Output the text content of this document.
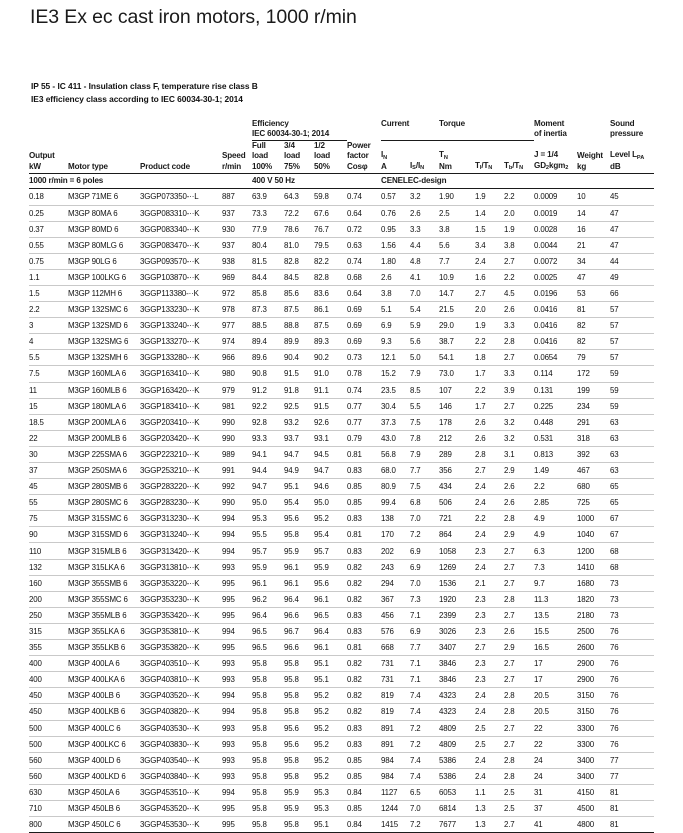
IE3 Ex ec cast iron motors, 1000 r/min
IP 55 - IC 411 - Insulation class F, temperature rise class B
IE3 efficiency class according to IEC 60034-30-1; 2014

				Efficiency
IEC 60034-30-1; 2014				Current		Torque			Moment
of inertia		Sound
pressure

Output
kW	Motor type	Product code	Speed
r/min	Full
load
100%	3/4
load
75%	1/2
load
50%	Power
factor
Cosφ	IN
A	IS/IN	TN
Nm	TI/TN	Tb/TN	J = 1/4
GD2kgm2	Weight
kg	Level LPA
dB

1000 r/min = 6 poles				400 V 50 Hz				CENELEC-design							
0.18	M3GP 71ME 6	3GGP073350-··L	887	63.9	64.3	59.8	0.74	0.57	3.2	1.90	1.9	2.2	0.0009	10	45
0.25	M3GP 80MA 6	3GGP083310-··K	937	73.3	72.2	67.6	0.64	0.76	2.6	2.5	1.4	2.0	0.0019	14	47
0.37	M3GP 80MD 6	3GGP083340-··K	930	77.9	78.6	76.7	0.72	0.95	3.3	3.8	1.5	1.9	0.0028	16	47
0.55	M3GP 80MLG 6	3GGP083470-··K	937	80.4	81.0	79.5	0.63	1.56	4.4	5.6	3.4	3.8	0.0044	21	47
0.75	M3GP 90LG 6	3GGP093570-··K	938	81.5	82.8	82.2	0.74	1.80	4.8	7.7	2.4	2.7	0.0072	34	44
1.1	M3GP 100LKG 6	3GGP103870-··K	969	84.4	84.5	82.8	0.68	2.6	4.1	10.9	1.6	2.2	0.0025	47	49
1.5	M3GP 112MH 6	3GGP113380-··K	972	85.8	85.6	83.6	0.64	3.8	7.0	14.7	2.7	4.5	0.0196	53	66
2.2	M3GP 132SMC 6	3GGP133230-··K	978	87.3	87.5	86.1	0.69	5.1	5.4	21.5	2.0	2.6	0.0416	81	57
3	M3GP 132SMD 6	3GGP133240-··K	977	88.5	88.8	87.5	0.69	6.9	5.9	29.0	1.9	3.3	0.0416	82	57
4	M3GP 132SMG 6	3GGP133270-··K	974	89.4	89.9	89.3	0.69	9.3	5.6	38.7	2.2	2.8	0.0416	82	57
5.5	M3GP 132SMH 6	3GGP133280-··K	966	89.6	90.4	90.2	0.73	12.1	5.0	54.1	1.8	2.7	0.0654	79	57
7.5	M3GP 160MLA 6	3GGP163410-··K	980	90.8	91.5	91.0	0.78	15.2	7.9	73.0	1.7	3.3	0.114	172	59
11	M3GP 160MLB 6	3GGP163420-··K	979	91.2	91.8	91.1	0.74	23.5	8.5	107	2.2	3.9	0.131	199	59
15	M3GP 180MLA 6	3GGP183410-··K	981	92.2	92.5	91.5	0.77	30.4	5.5	146	1.7	2.7	0.225	234	59
18.5	M3GP 200MLA 6	3GGP203410-··K	990	92.8	93.2	92.6	0.77	37.3	7.5	178	2.6	3.2	0.448	291	63
22	M3GP 200MLB 6	3GGP203420-··K	990	93.3	93.7	93.1	0.79	43.0	7.8	212	2.6	3.2	0.531	318	63
30	M3GP 225SMA 6	3GGP223210-··K	989	94.1	94.7	94.5	0.81	56.8	7.9	289	2.8	3.1	0.813	392	63
37	M3GP 250SMA 6	3GGP253210-··K	991	94.4	94.9	94.7	0.83	68.0	7.7	356	2.7	2.9	1.49	467	63
45	M3GP 280SMB 6	3GGP283220-··K	992	94.7	95.1	94.6	0.85	80.9	7.5	434	2.4	2.6	2.2	680	65
55	M3GP 280SMC 6	3GGP283230-··K	990	95.0	95.4	95.0	0.85	99.4	6.8	506	2.4	2.6	2.85	725	65
75	M3GP 315SMC 6	3GGP313230-··K	994	95.3	95.6	95.2	0.83	138	7.0	721	2.2	2.8	4.9	1000	67
90	M3GP 315SMD 6	3GGP313240-··K	994	95.5	95.8	95.4	0.81	170	7.2	864	2.4	2.9	4.9	1040	67
110	M3GP 315MLB 6	3GGP313420-··K	994	95.7	95.9	95.7	0.83	202	6.9	1058	2.3	2.7	6.3	1200	68
132	M3GP 315LKA 6	3GGP313810-··K	993	95.9	96.1	95.9	0.82	243	6.9	1269	2.4	2.7	7.3	1410	68
160	M3GP 355SMB 6	3GGP353220-··K	995	96.1	96.1	95.6	0.82	294	7.0	1536	2.1	2.7	9.7	1680	73
200	M3GP 355SMC 6	3GGP353230-··K	995	96.2	96.4	96.1	0.82	367	7.3	1920	2.3	2.8	11.3	1820	73
250	M3GP 355MLB 6	3GGP353420-··K	995	96.4	96.6	96.5	0.83	456	7.1	2399	2.3	2.7	13.5	2180	73
315	M3GP 355LKA 6	3GGP353810-··K	994	96.5	96.7	96.4	0.83	576	6.9	3026	2.3	2.6	15.5	2500	76
355	M3GP 355LKB 6	3GGP353820-··K	995	96.5	96.6	96.1	0.81	668	7.7	3407	2.7	2.9	16.5	2600	76
400	M3GP 400LA 6	3GGP403510-··K	993	95.8	95.8	95.1	0.82	731	7.1	3846	2.3	2.7	17	2900	76
400	M3GP 400LKA 6	3GGP403810-··K	993	95.8	95.8	95.1	0.82	731	7.1	3846	2.3	2.7	17	2900	76
450	M3GP 400LB 6	3GGP403520-··K	994	95.8	95.8	95.2	0.82	819	7.4	4323	2.4	2.8	20.5	3150	76
450	M3GP 400LKB 6	3GGP403820-··K	994	95.8	95.8	95.2	0.82	819	7.4	4323	2.4	2.8	20.5	3150	76
500	M3GP 400LC 6	3GGP403530-··K	993	95.8	95.6	95.2	0.83	891	7.2	4809	2.5	2.7	22	3300	76
500	M3GP 400LKC 6	3GGP403830-··K	993	95.8	95.6	95.2	0.83	891	7.2	4809	2.5	2.7	22	3300	76
560	M3GP 400LD 6	3GGP403540-··K	993	95.8	95.8	95.2	0.85	984	7.4	5386	2.4	2.8	24	3400	77
560	M3GP 400LKD 6	3GGP403840-··K	993	95.8	95.8	95.2	0.85	984	7.4	5386	2.4	2.8	24	3400	77
630	M3GP 450LA 6	3GGP453510-··K	994	95.8	95.9	95.3	0.84	1127	6.5	6053	1.1	2.5	31	4150	81
710	M3GP 450LB 6	3GGP453520-··K	995	95.8	95.9	95.3	0.85	1244	7.0	6814	1.3	2.5	37	4500	81
800	M3GP 450LC 6	3GGP453530-··K	995	95.8	95.8	95.1	0.84	1415	7.2	7677	1.3	2.7	41	4800	81
